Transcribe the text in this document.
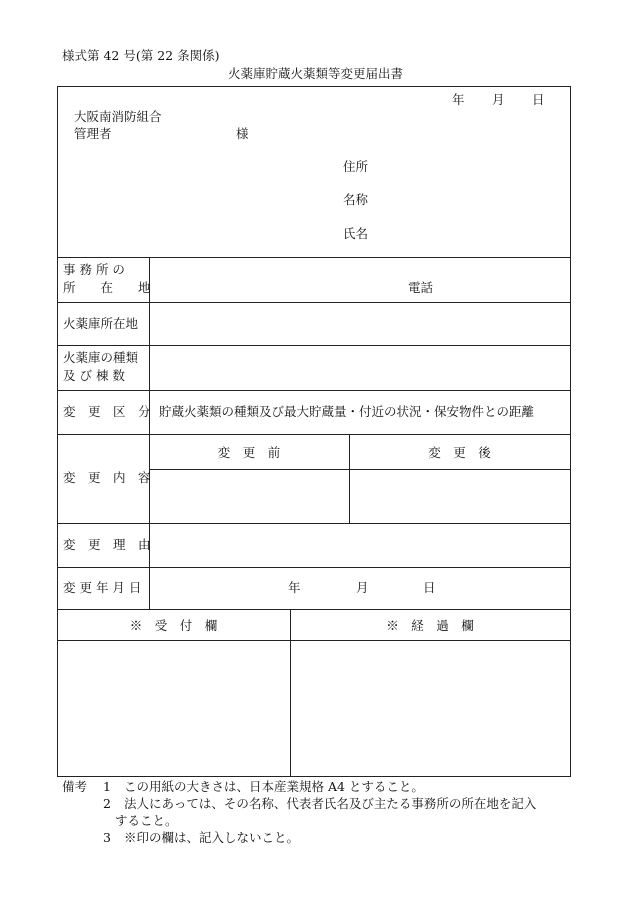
様式第 42 号(第 22 条関係)
火薬庫貯蔵火薬類等変更届出書
年 月 日
大阪南消防組合
管理者	様
住所
名称
氏名
事 務 所 の
所　　在　　地	電話
火薬庫所在地
火薬庫の種類
及 び 棟 数
変　更　区　分 貯蔵火薬類の種類及び最大貯蔵量・付近の状況・保安物件との距離
変　更　内　容
変　更　前	変　更　後
変　更　理　由
変 更 年 月 日	年	月	日
※　受　付　欄	※　経　過　欄
備考 1 この用紙の大きさは、日本産業規格 A4 とすること。
2 法人にあっては、その名称、代表者氏名及び主たる事務所の所在地を記入
すること。
3 ※印の欄は、記入しないこと。
